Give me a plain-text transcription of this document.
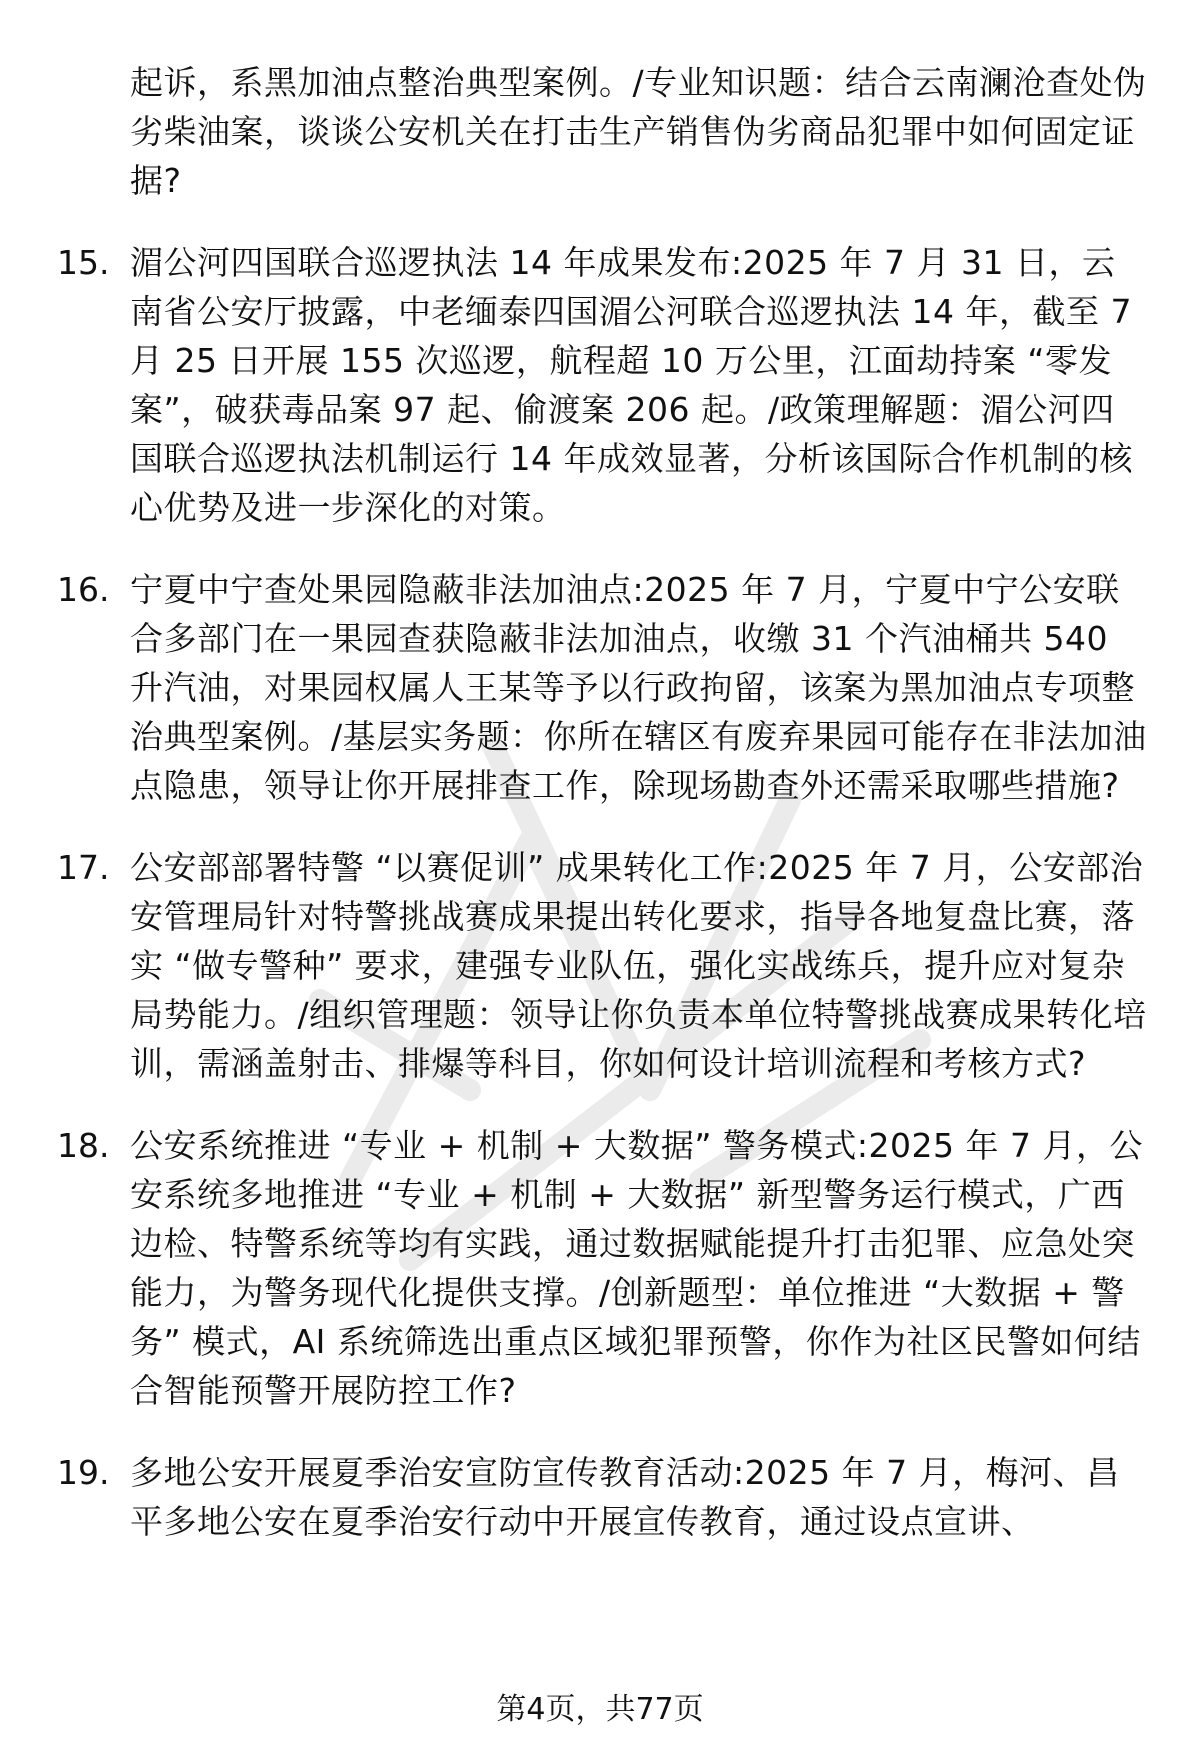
起诉，系黑加油点整治典型案例。/专业知识题：结合云南澜沧查处伪劣柴油案，谈谈公安机关在打击生产销售伪劣商品犯罪中如何固定证据?

15. 湄公河四国联合巡逻执法 14 年成果发布:2025 年 7 月 31 日，云南省公安厅披露，中老缅泰四国湄公河联合巡逻执法 14 年，截至 7 月 25 日开展 155 次巡逻，航程超 10 万公里，江面劫持案 “零发案”，破获毒品案 97 起、偷渡案 206 起。/政策理解题：湄公河四国联合巡逻执法机制运行 14 年成效显著，分析该国际合作机制的核心优势及进一步深化的对策。
16. 宁夏中宁查处果园隐蔽非法加油点:2025 年 7 月，宁夏中宁公安联合多部门在一果园查获隐蔽非法加油点，收缴 31 个汽油桶共 540 升汽油，对果园权属人王某等予以行政拘留，该案为黑加油点专项整治典型案例。/基层实务题：你所在辖区有废弃果园可能存在非法加油点隐患，领导让你开展排查工作，除现场勘查外还需采取哪些措施?
17. 公安部部署特警 “以赛促训” 成果转化工作:2025 年 7 月，公安部治安管理局针对特警挑战赛成果提出转化要求，指导各地复盘比赛，落实 “做专警种” 要求，建强专业队伍，强化实战练兵，提升应对复杂局势能力。/组织管理题：领导让你负责本单位特警挑战赛成果转化培训，需涵盖射击、排爆等科目，你如何设计培训流程和考核方式?
18. 公安系统推进 “专业 + 机制 + 大数据” 警务模式:2025 年 7 月，公安系统多地推进 “专业 + 机制 + 大数据” 新型警务运行模式，广西边检、特警系统等均有实践，通过数据赋能提升打击犯罪、应急处突能力，为警务现代化提供支撑。/创新题型：单位推进 “大数据 + 警务” 模式，AI 系统筛选出重点区域犯罪预警，你作为社区民警如何结合智能预警开展防控工作?
19. 多地公安开展夏季治安宣防宣传教育活动:2025 年 7 月，梅河、昌平多地公安在夏季治安行动中开展宣传教育，通过设点宣讲、
第4页，共77页
